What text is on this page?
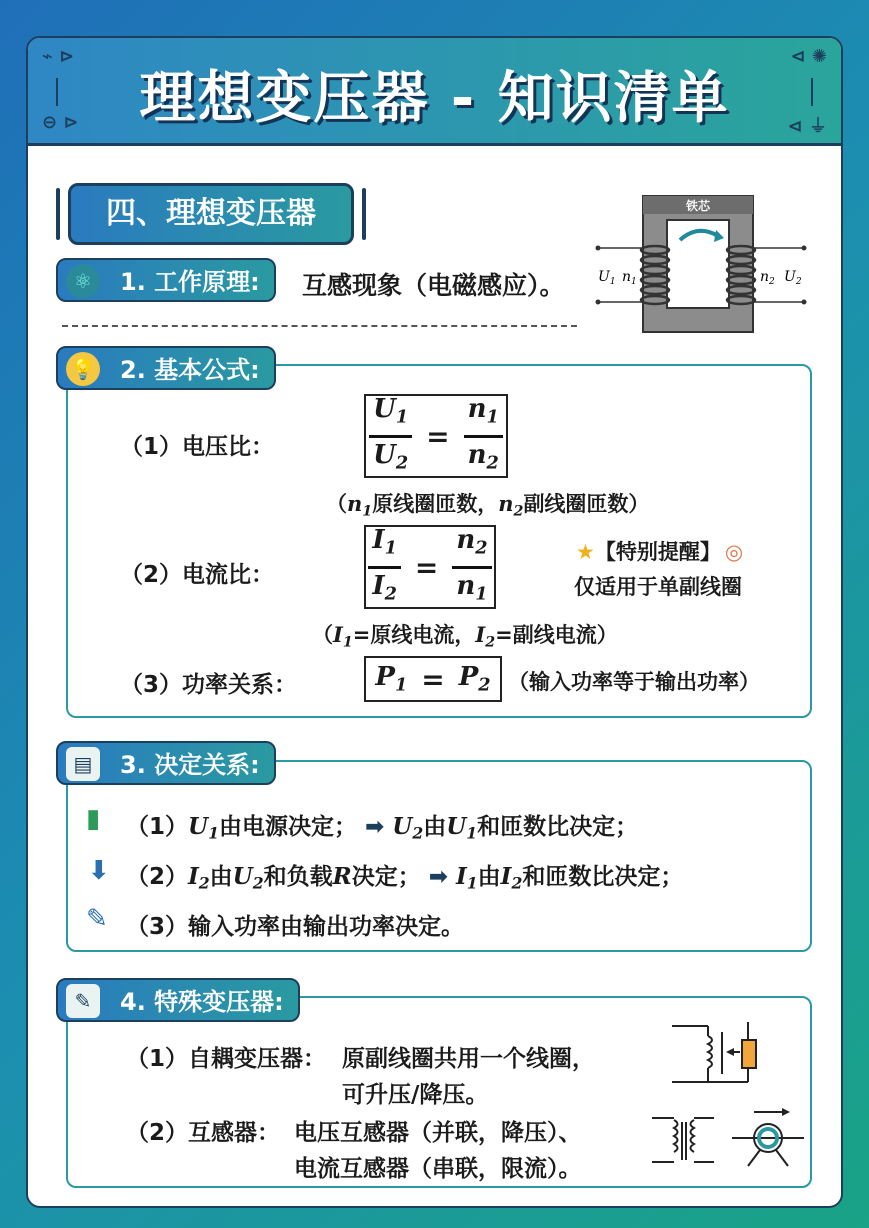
⌁ ⊳
⊖ ⊳
⊲ ✺
⊲ ⏚
理想变压器 - 知识清单
四、理想变压器
⚛	1. 工作原理:	互感现象（电磁感应）。
铁芯
$U_1$ $n_1$	$n_2$ $U_2$
💡 2. 基本公式:
（1）电压比：	$\frac{U_1}{U_2} = \frac{n_1}{n_2}$
（$n_1$原线圈匝数，$n_2$副线圈匝数）
（2）电流比：	$\frac{I_1}{I_2} = \frac{n_2}{n_1}$	★【特别提醒】 ◎
仅适用于单副线圈
（$I_1=$原线电流，$I_2=$副线电流）
（3）功率关系：	$P_1 = P_2$ （输入功率等于输出功率）
▤	3. 决定关系:
▮ $(1)U_1$由电源决定； ➡ $U_2$由$U_1$和匝数比决定；
⬇ $(2)I_2$由$U_2$和负载R决定； ➡ $I_1$由$I_2$和匝数比决定；
✎ （3）输入功率由输出功率决定。
✎	4. 特殊变压器:
（1）自耦变压器： 原副线圈共用一个线圈，
可升压/降压。
（2）互感器： 电压互感器（并联，降压）、
电流互感器（串联，限流）。
